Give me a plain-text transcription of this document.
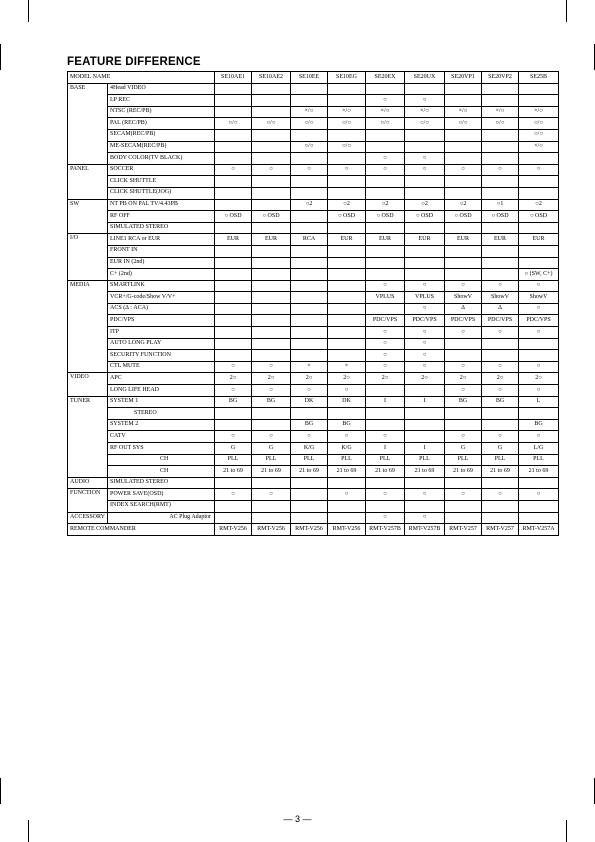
FEATURE DIFFERENCE
MODEL NAME		SE10AE1	SE10AE2	SE10EE	SE10EG	SE20EX	SE20UX	SE20VP1	SE20VP2	SE25B
BASE	4Head VIDEO									
	LP REC					○	○			
	NTSC (REC/PB)			×/○	×/○	×/○	×/○	×/○	×/○	×/○
	PAL (REC/PB)	○/○	○/○	○/○	○/○	○/○	○/○	○/○	○/○	○/○
	SECAM(REC/PB)									○/○
	ME-SECAM(REC/PB)			○/○	○/○					×/○
	BODY COLOR(TV BLACK)					○	○			
PANEL	SOCCER	○	○	○	○	○	○	○	○	○
	CLICK SHUTTLE									
	CLICK SHUTTLE(JOG)									
SW	NT PB ON PAL TV/4.43PB			○2	○2	○2	○2	○2	○1	○2
	RF OFF	○ OSD	○ OSD		○ OSD	○ OSD	○ OSD	○ OSD	○ OSD	○ OSD
	SIMULATED STEREO									
I/O	LINE1 RCA or EUR	EUR	EUR	RCA	EUR	EUR	EUR	EUR	EUR	EUR
	FRONT IN									
	EUR IN (2nd)									
	C+ (2nd)									○ (SW, C+)
MEDIA	SMARTLINK					○	○	○	○	○
	VCR+/G-code/Show V/V+					VPLUS	VPLUS	ShowV	ShowV	ShowV
	ACS (Δ : ACA)						○	Δ	Δ	○
	PDC/VPS					PDC/VPS	PDC/VPS	PDC/VPS	PDC/VPS	PDC/VPS
	ITP					○	○	○	○	○
	AUTO LONG PLAY					○	○			
	SECURITY FUNCTION					○	○			
	CTL MUTE	○	○	×	×	○	○	○	○	○
VIDEO	APC	2○	2○	2○	2○	2○	2○	2○	2○	2○
	LONG LIFE HEAD	○	○	○	○			○	○	○
TUNER	SYSTEM 1	BG	BG	DK	DK	I	I	BG	BG	L
	STEREO									
	SYSTEM 2			BG	BG					BG
	CATV	○	○	○	○	○		○	○	○
	RF OUT SYS	G	G	K/G	K/G	I	I	G	G	L/G
	CH	PLL	PLL	PLL	PLL	PLL	PLL	PLL	PLL	PLL
	CH	21 to 69	21 to 69	21 to 69	21 to 69	21 to 69	21 to 69	21 to 69	21 to 69	21 to 69
AUDIO	SIMULATED STEREO									
FUNCTION	POWER SAVE(OSD)	○	○		○	○	○	○	○	○
	INDEX SEARCH(RMT)									
ACCESSORY	AC Plug Adaptor					○	○			
REMOTE COMMANDER		RMT-V256	RMT-V256	RMT-V256	RMT-V256	RMT-V257B	RMT-V257B	RMT-V257	RMT-V257	RMT-V257A
— 3 —
